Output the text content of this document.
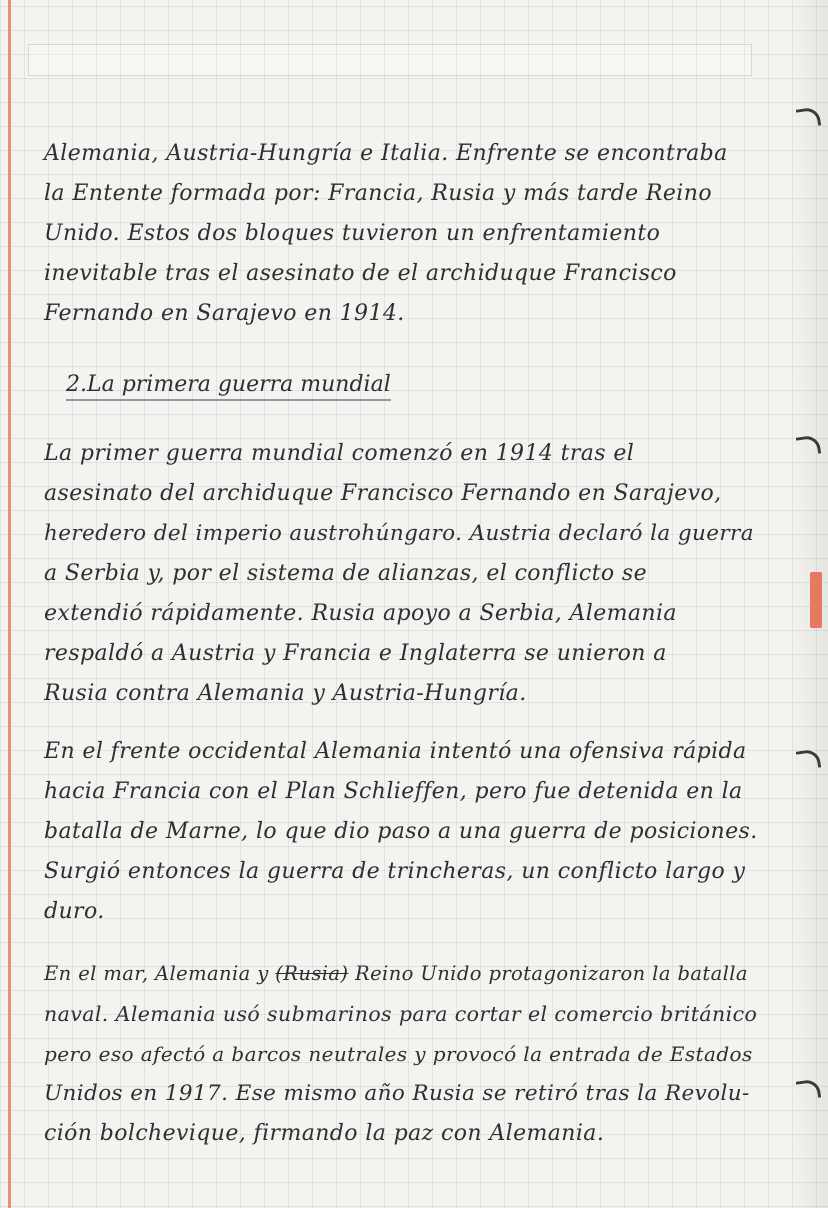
Alemania, Austria-Hungría e Italia. Enfrente se encontraba
la Entente formada por: Francia, Rusia y más tarde Reino
Unido. Estos dos bloques tuvieron un enfrentamiento
inevitable tras el asesinato de el archiduque Francisco
Fernando en Sarajevo en 1914.
2.La primera guerra mundial
La primer guerra mundial comenzó en 1914 tras el
asesinato del archiduque Francisco Fernando en Sarajevo,
heredero del imperio austrohúngaro. Austria declaró la guerra
a Serbia y, por el sistema de alianzas, el conflicto se
extendió rápidamente. Rusia apoyo a Serbia, Alemania
respaldó a Austria y Francia e Inglaterra se unieron a
Rusia contra Alemania y Austria-Hungría.
En el frente occidental Alemania intentó una ofensiva rápida
hacia Francia con el Plan Schlieffen, pero fue detenida en la
batalla de Marne, lo que dio paso a una guerra de posiciones.
Surgió entonces la guerra de trincheras, un conflicto largo y
duro.
En el mar, Alemania y (Rusia) Reino Unido protagonizaron la batalla
naval. Alemania usó submarinos para cortar el comercio británico
pero eso afectó a barcos neutrales y provocó la entrada de Estados
Unidos en 1917. Ese mismo año Rusia se retiró tras la Revolu-
ción bolchevique, firmando la paz con Alemania.
